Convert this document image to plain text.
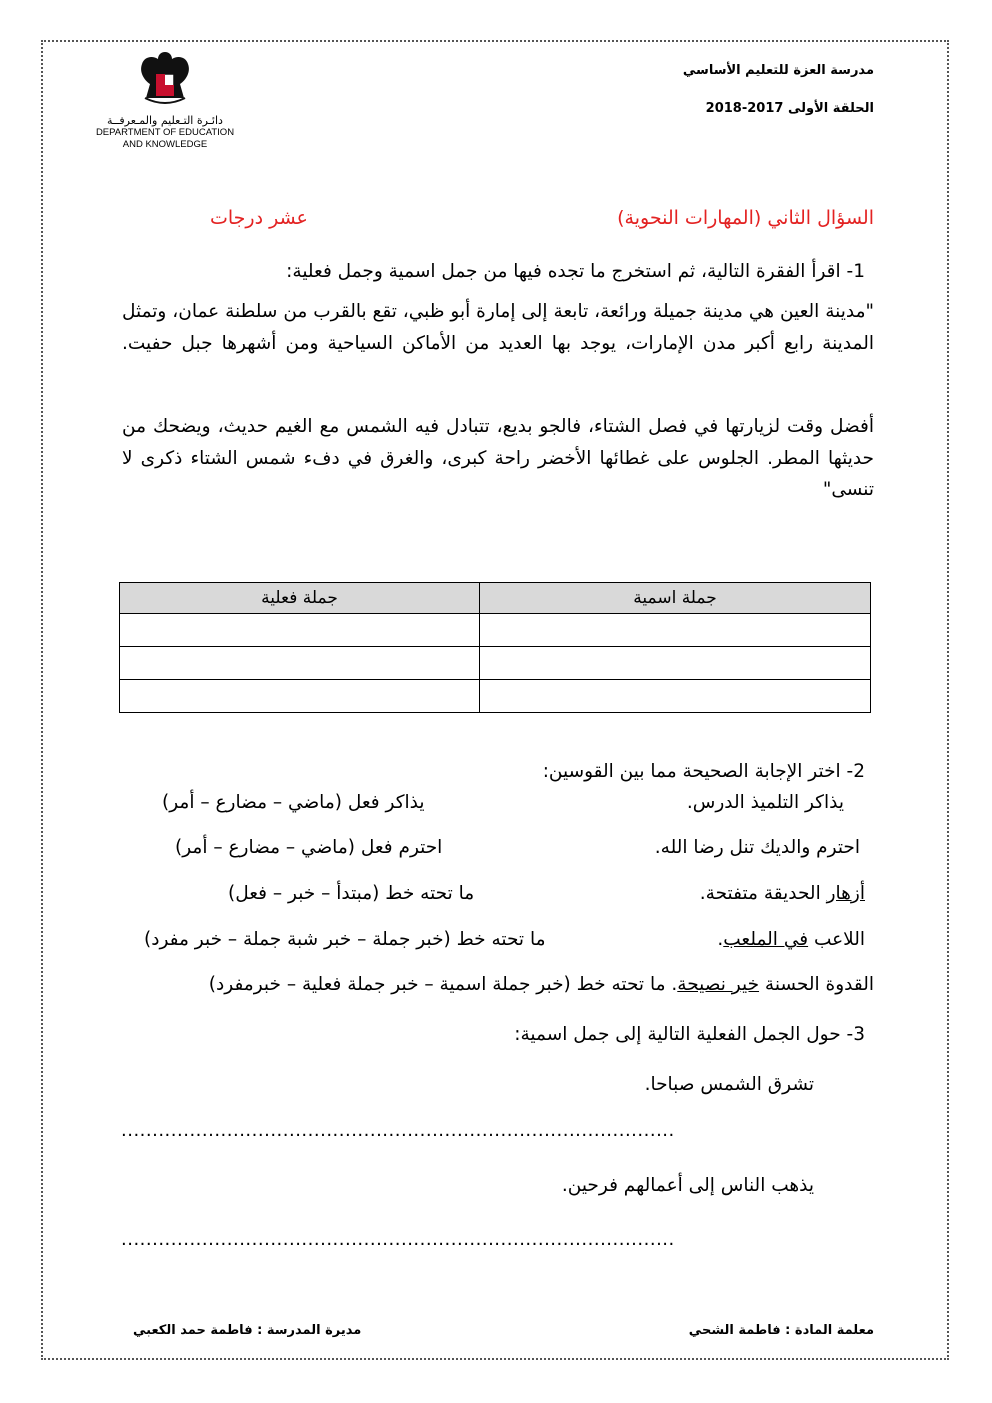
دائـرة التـعليم والمـعرفــة
DEPARTMENT OF EDUCATION
AND KNOWLEDGE
مدرسة العزة للتعليم الأساسي
الحلقة الأولى 2017-2018
السؤال الثاني (المهارات النحوية)
عشر درجات
1- اقرأ الفقرة التالية، ثم استخرج ما تجده فيها من جمل اسمية وجمل فعلية:
"مدينة العين هي مدينة جميلة ورائعة، تابعة إلى إمارة أبو ظبي، تقع بالقرب من سلطنة عمان، وتمثل المدينة رابع أكبر مدن الإمارات، يوجد بها العديد من الأماكن السياحية ومن أشهرها جبل حفيت.
أفضل وقت لزيارتها في فصل الشتاء، فالجو بديع، تتبادل فيه الشمس مع الغيم حديث، ويضحك من حديثها المطر. الجلوس على غطائها الأخضر راحة كبرى، والغرق في دفء شمس الشتاء ذكرى لا تنسى"
جملة اسمية	جملة فعلية

2- اختر الإجابة الصحيحة مما بين القوسين:
يذاكر التلميذ الدرس.
يذاكر فعل (ماضي – مضارع – أمر)
احترم والديك تنل رضا الله.
احترم فعل (ماضي – مضارع – أمر)
أزهار الحديقة متفتحة.
ما تحته خط (مبتدأ – خبر – فعل)
اللاعب في الملعب.
ما تحته خط (خبر جملة – خبر شبة جملة – خبر مفرد)
القدوة الحسنة خير نصيحة. ما تحته خط (خبر جملة اسمية – خبر جملة فعلية – خبرمفرد)
3- حول الجمل الفعلية التالية إلى جمل اسمية:
تشرق الشمس صباحا.
.........................................................................................
يذهب الناس إلى أعمالهم فرحين.
.........................................................................................
معلمة المادة : فاطمة الشحي
مديرة المدرسة : فاطمة حمد الكعبي
